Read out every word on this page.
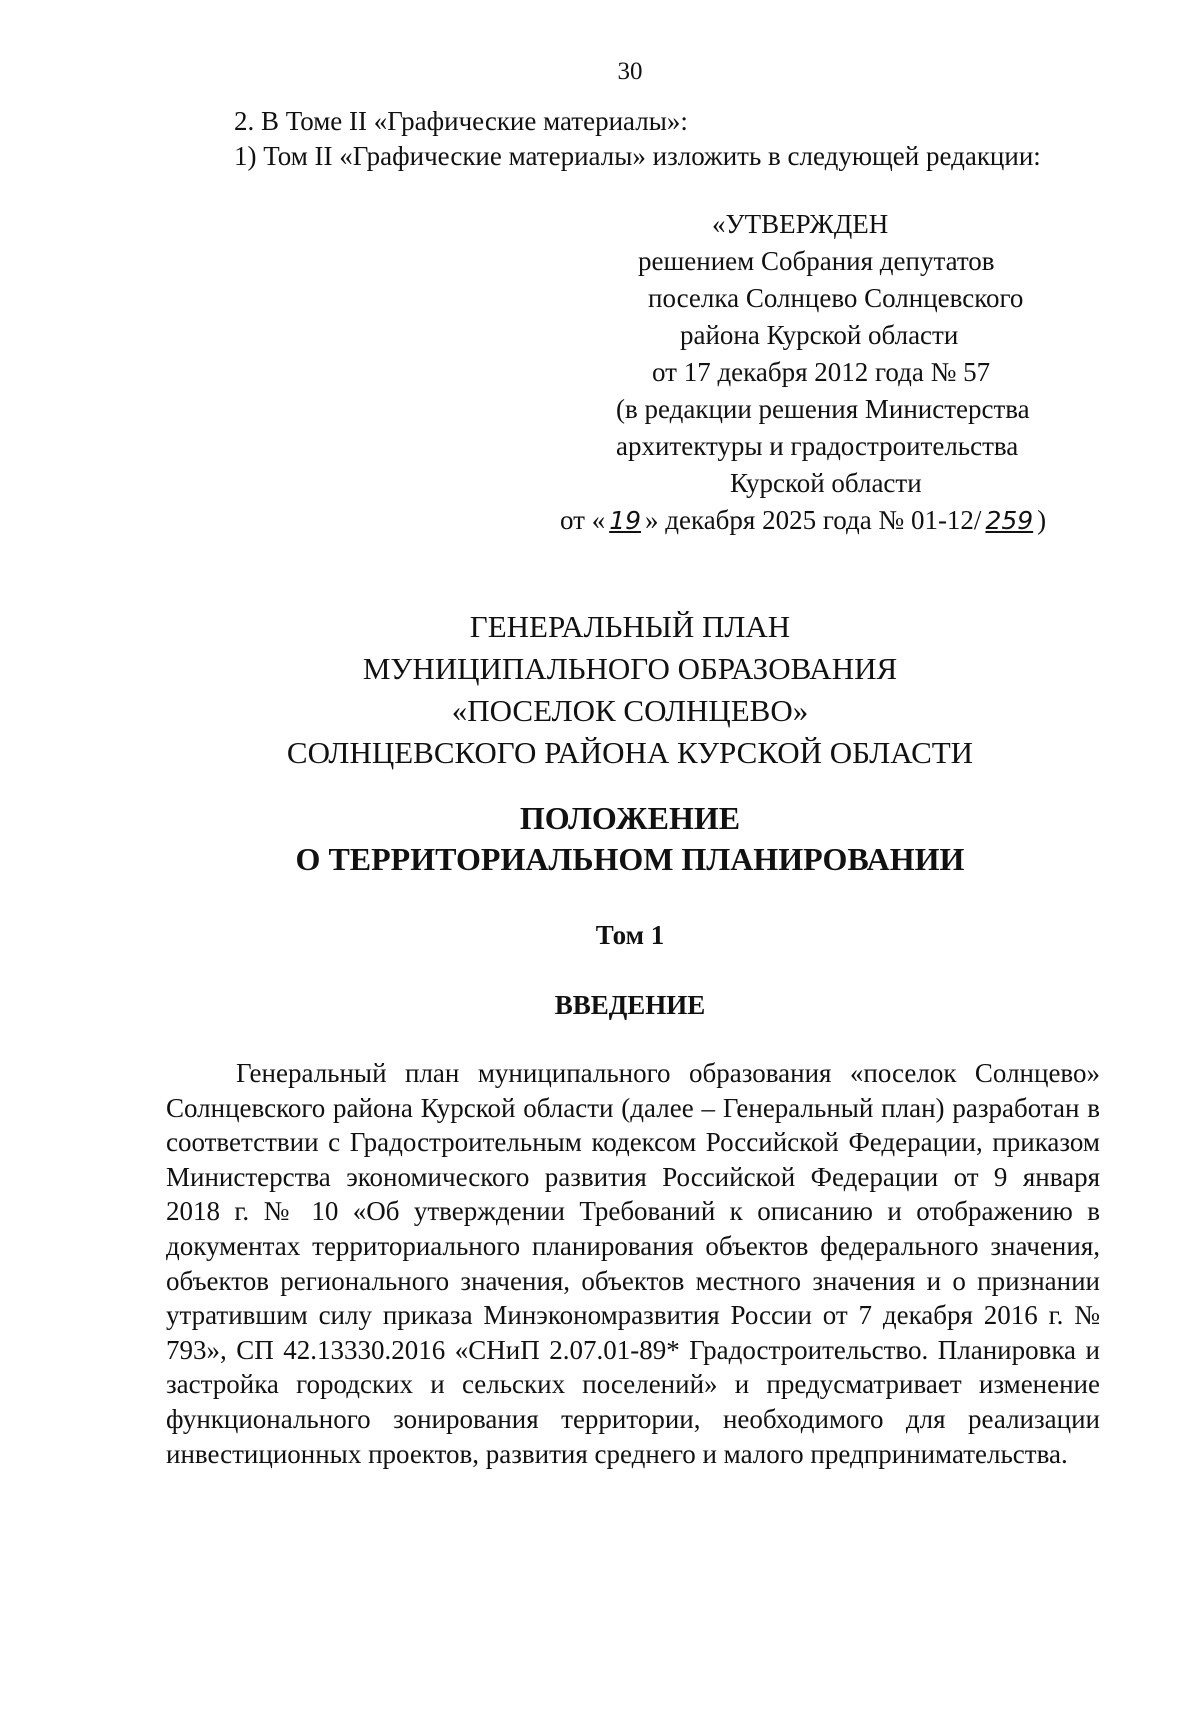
30
2. В Томе II «Графические материалы»:
1) Том II «Графические материалы» изложить в следующей редакции:
«УТВЕРЖДЕН
решением Собрания депутатов
поселка Солнцево Солнцевского
района Курской области
от 17 декабря 2012 года № 57
(в редакции решения Министерства
архитектуры и градостроительства
Курской области
от « 19 » декабря 2025 года № 01-12/ 259 )
ГЕНЕРАЛЬНЫЙ ПЛАН
МУНИЦИПАЛЬНОГО ОБРАЗОВАНИЯ
«ПОСЕЛОК СОЛНЦЕВО»
СОЛНЦЕВСКОГО РАЙОНА КУРСКОЙ ОБЛАСТИ
ПОЛОЖЕНИЕ
О ТЕРРИТОРИАЛЬНОМ ПЛАНИРОВАНИИ
Том 1
ВВЕДЕНИЕ

Генеральный план муниципального образования «поселок Солнцево» Солнцевского района Курской области (далее – Генеральный план) разработан в соответствии с Градостроительным кодексом Российской Федерации, приказом Министерства экономического развития Российской Федерации от 9 января 2018 г. № 10 «Об утверждении Требований к описанию и отображению в документах территориального планирования объектов федерального значения, объектов регионального значения, объектов местного значения и о признании утратившим силу приказа Минэкономразвития России от 7 декабря 2016 г. № 793», СП 42.13330.2016 «СНиП 2.07.01-89* Градостроительство. Планировка и застройка городских и сельских поселений» и предусматривает изменение функционального зонирования территории, необходимого для реализации инвестиционных проектов, развития среднего и малого предпринимательства.
